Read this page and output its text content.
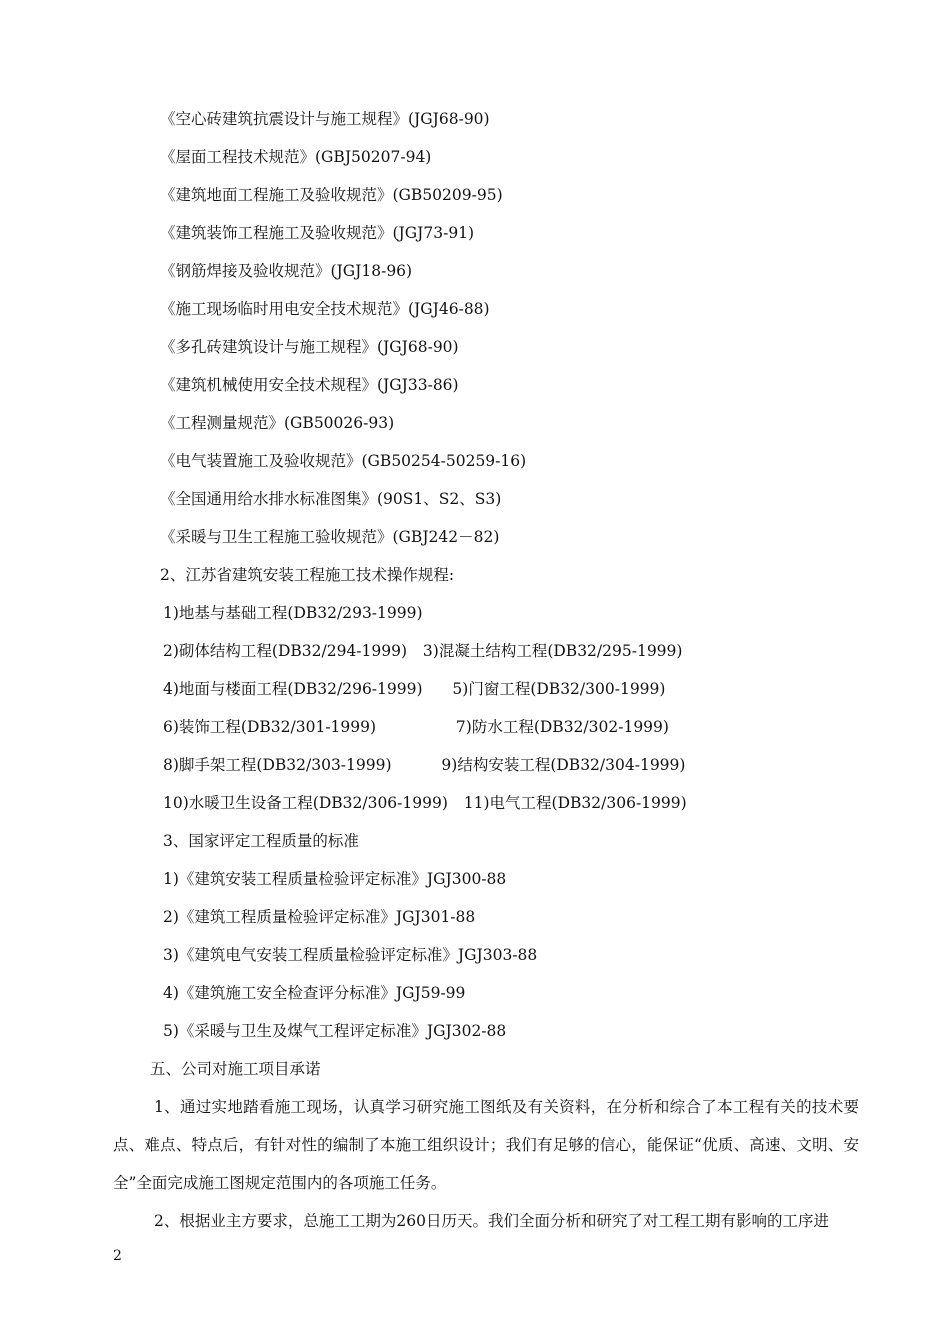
《空心砖建筑抗震设计与施工规程》(JGJ68-90)
《屋面工程技术规范》(GBJ50207-94)
《建筑地面工程施工及验收规范》(GB50209-95)
《建筑装饰工程施工及验收规范》(JGJ73-91)
《钢筋焊接及验收规范》(JGJ18-96)
《施工现场临时用电安全技术规范》(JGJ46-88)
《多孔砖建筑设计与施工规程》(JGJ68-90)
《建筑机械使用安全技术规程》(JGJ33-86)
《工程测量规范》(GB50026-93)
《电气装置施工及验收规范》(GB50254-50259-16)
《全国通用给水排水标准图集》(90S1、S2、S3)
《采暖与卫生工程施工验收规范》(GBJ242－82)
2、江苏省建筑安装工程施工技术操作规程:
1)地基与基础工程(DB32/293-1999)
2)砌体结构工程(DB32/294-1999) 3)混凝土结构工程(DB32/295-1999)
4)地面与楼面工程(DB32/296-1999) 5)门窗工程(DB32/300-1999)
6)装饰工程(DB32/301-1999)	7)防水工程(DB32/302-1999)
8)脚手架工程(DB32/303-1999)	9)结构安装工程(DB32/304-1999)
10)水暖卫生设备工程(DB32/306-1999) 11)电气工程(DB32/306-1999)
3、国家评定工程质量的标准
1)《建筑安装工程质量检验评定标准》JGJ300-88
2)《建筑工程质量检验评定标准》JGJ301-88
3)《建筑电气安装工程质量检验评定标准》JGJ303-88
4)《建筑施工安全检查评分标准》JGJ59-99
5)《采暖与卫生及煤气工程评定标准》JGJ302-88
五、公司对施工项目承诺
1、通过实地踏看施工现场，认真学习研究施工图纸及有关资料，在分析和综合了本工程有关的技术要点、难点、特点后，有针对性的编制了本施工组织设计；我们有足够的信心，能保证“优质、高速、文明、安全”全面完成施工图规定范围内的各项施工任务。
2、根据业主方要求，总施工工期为260日历天。我们全面分析和研究了对工程工期有影响的工序进
2
